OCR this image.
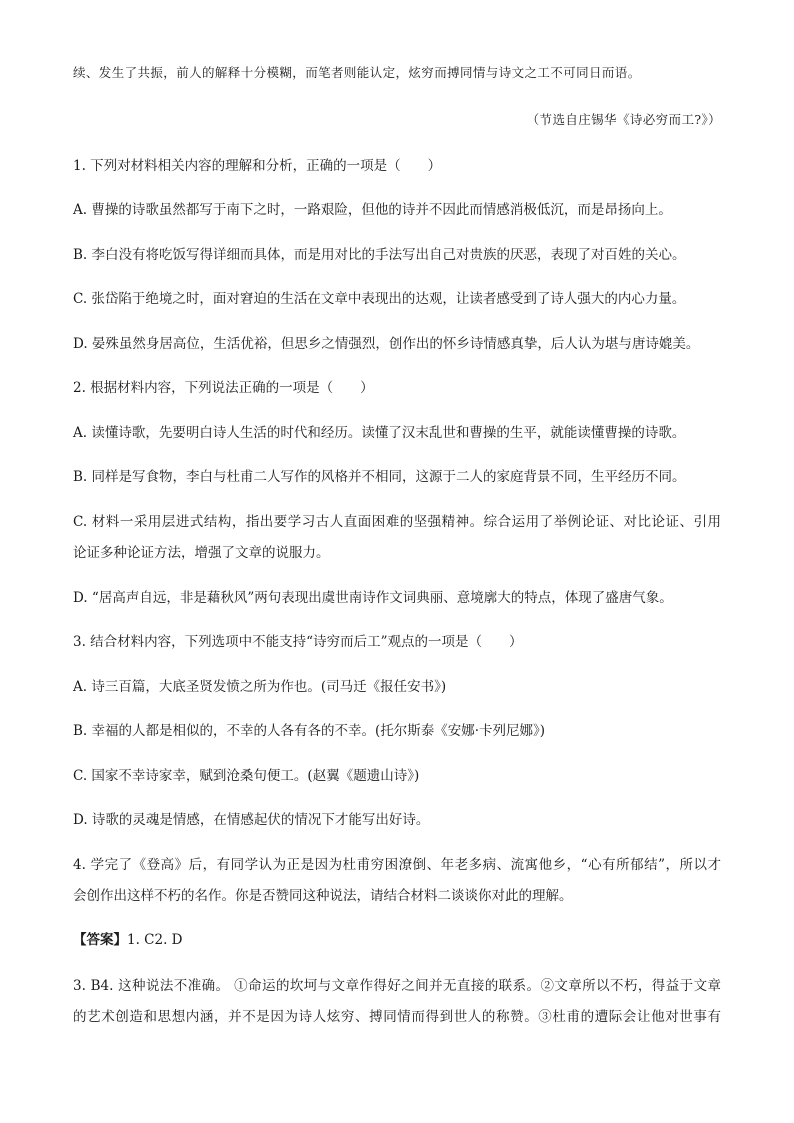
续、发生了共振，前人的解释十分模糊，而笔者则能认定，炫穷而搏同情与诗文之工不可同日而语。
（节选自庄锡华《诗必穷而工?》）
1. 下列对材料相关内容的理解和分析，正确的一项是（　　）
A. 曹操的诗歌虽然都写于南下之时，一路艰险，但他的诗并不因此而情感消极低沉，而是昂扬向上。
B. 李白没有将吃饭写得详细而具体，而是用对比的手法写出自己对贵族的厌恶，表现了对百姓的关心。
C. 张岱陷于绝境之时，面对窘迫的生活在文章中表现出的达观，让读者感受到了诗人强大的内心力量。
D. 晏殊虽然身居高位，生活优裕，但思乡之情强烈，创作出的怀乡诗情感真挚，后人认为堪与唐诗媲美。
2. 根据材料内容，下列说法正确的一项是（　　）
A. 读懂诗歌，先要明白诗人生活的时代和经历。读懂了汉末乱世和曹操的生平，就能读懂曹操的诗歌。
B. 同样是写食物，李白与杜甫二人写作的风格并不相同，这源于二人的家庭背景不同，生平经历不同。
C. 材料一采用层进式结构，指出要学习古人直面困难的坚强精神。综合运用了举例论证、对比论证、引用
论证多种论证方法，增强了文章的说服力。
D. “居高声自远，非是藉秋风”两句表现出虞世南诗作文词典丽、意境廓大的特点，体现了盛唐气象。
3. 结合材料内容，下列选项中不能支持“诗穷而后工”观点的一项是（　　）
A. 诗三百篇，大底圣贤发愤之所为作也。(司马迁《报任安书》)
B. 幸福的人都是相似的，不幸的人各有各的不幸。(托尔斯泰《安娜·卡列尼娜》)
C. 国家不幸诗家幸，赋到沧桑句便工。(赵翼《题遗山诗》)
D. 诗歌的灵魂是情感，在情感起伏的情况下才能写出好诗。
4. 学完了《登高》后，有同学认为正是因为杜甫穷困潦倒、年老多病、流寓他乡，“心有所郁结”，所以才
会创作出这样不朽的名作。你是否赞同这种说法，请结合材料二谈谈你对此的理解。
【答案】1. C2. D
3. B4. 这种说法不准确。 ①命运的坎坷与文章作得好之间并无直接的联系。②文章所以不朽，得益于文章
的艺术创造和思想内涵，并不是因为诗人炫穷、搏同情而得到世人的称赞。③杜甫的遭际会让他对世事有
